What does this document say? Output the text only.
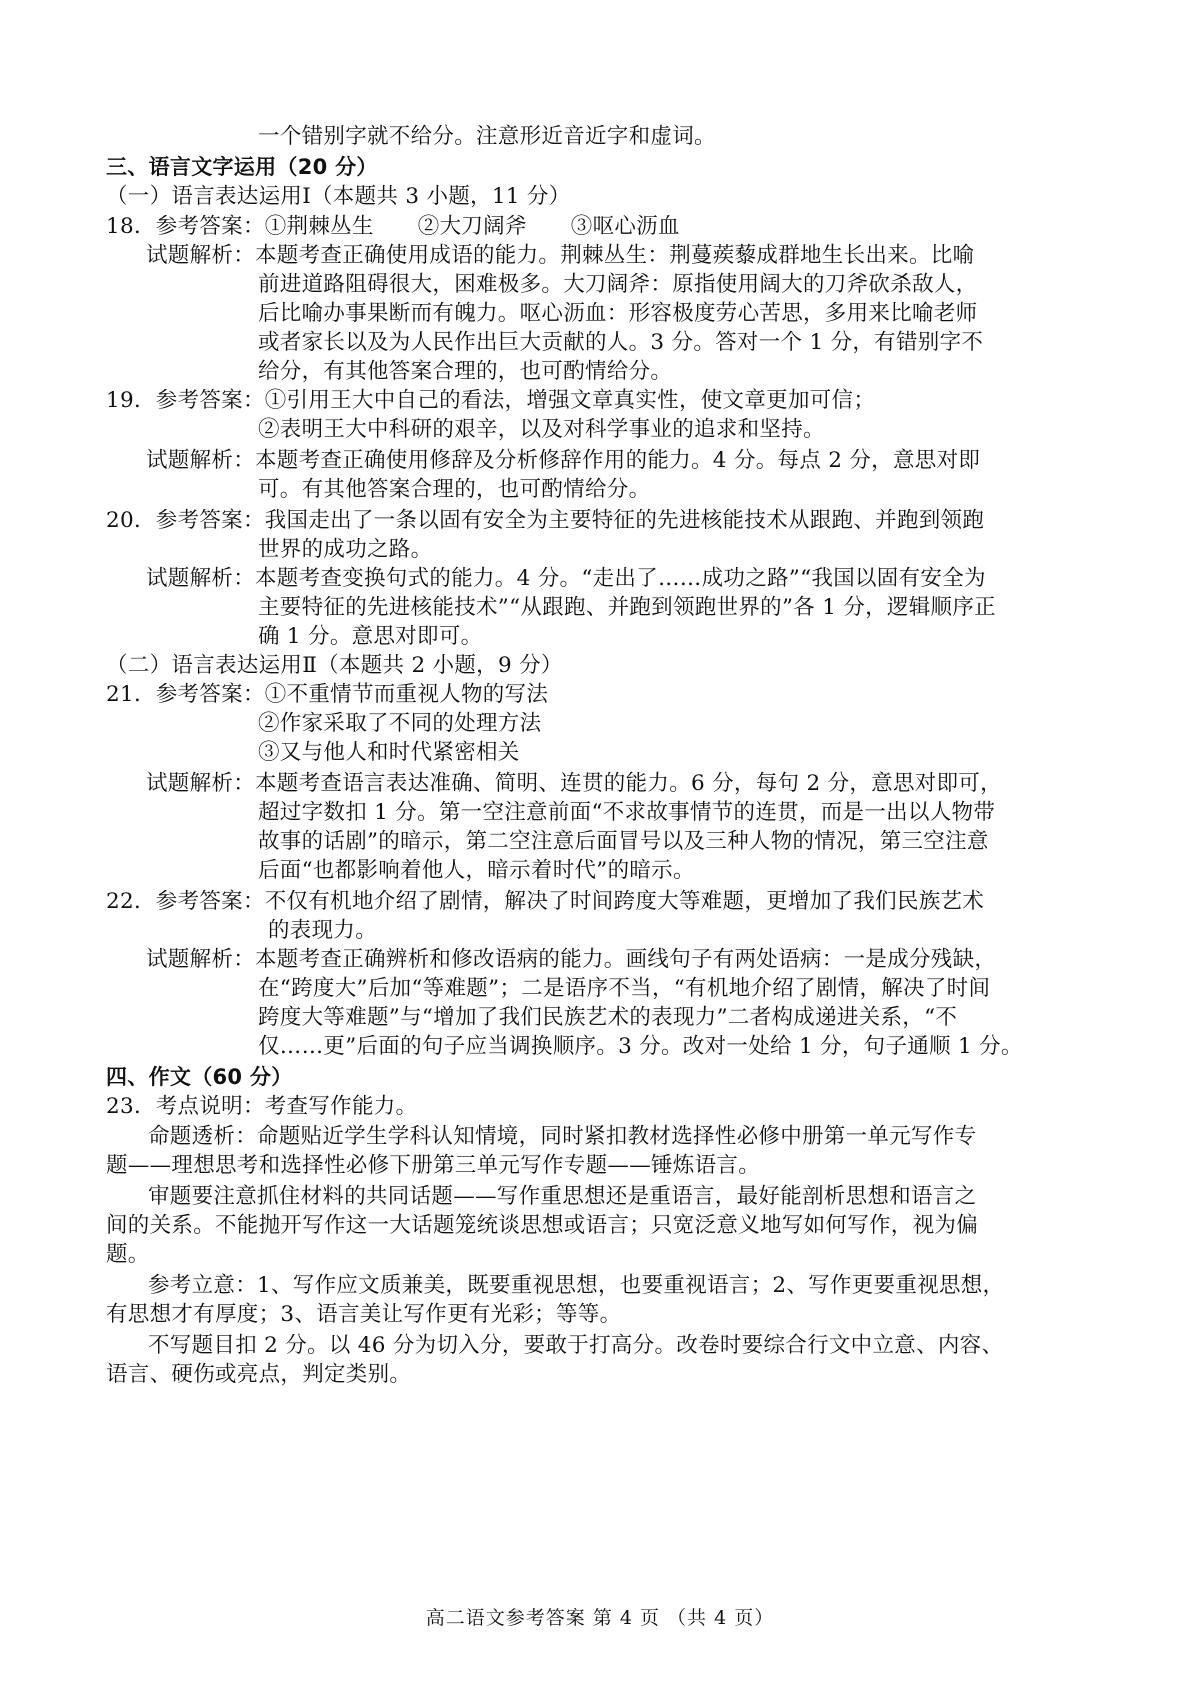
一个错别字就不给分。注意形近音近字和虚词。
三、语言文字运用（20 分）
（一）语言表达运用Ⅰ（本题共 3 小题，11 分）
18．参考答案：①荆棘丛生 ②大刀阔斧 ③呕心沥血
试题解析：本题考查正确使用成语的能力。荆棘丛生：荆蔓蒺藜成群地生长出来。比喻
前进道路阻碍很大，困难极多。大刀阔斧：原指使用阔大的刀斧砍杀敌人，
后比喻办事果断而有魄力。呕心沥血：形容极度劳心苦思，多用来比喻老师
或者家长以及为人民作出巨大贡献的人。3 分。答对一个 1 分，有错别字不
给分，有其他答案合理的，也可酌情给分。
19．参考答案：①引用王大中自己的看法，增强文章真实性，使文章更加可信；
②表明王大中科研的艰辛，以及对科学事业的追求和坚持。
试题解析：本题考查正确使用修辞及分析修辞作用的能力。4 分。每点 2 分，意思对即
可。有其他答案合理的，也可酌情给分。
20．参考答案：我国走出了一条以固有安全为主要特征的先进核能技术从跟跑、并跑到领跑
世界的成功之路。
试题解析：本题考查变换句式的能力。4 分。“走出了……成功之路”“我国以固有安全为
主要特征的先进核能技术”“从跟跑、并跑到领跑世界的”各 1 分，逻辑顺序正
确 1 分。意思对即可。
（二）语言表达运用Ⅱ（本题共 2 小题，9 分）
21．参考答案：①不重情节而重视人物的写法
②作家采取了不同的处理方法
③又与他人和时代紧密相关
试题解析：本题考查语言表达准确、简明、连贯的能力。6 分，每句 2 分，意思对即可，
超过字数扣 1 分。第一空注意前面“不求故事情节的连贯，而是一出以人物带
故事的话剧”的暗示，第二空注意后面冒号以及三种人物的情况，第三空注意
后面“也都影响着他人，暗示着时代”的暗示。
22．参考答案：不仅有机地介绍了剧情，解决了时间跨度大等难题，更增加了我们民族艺术
的表现力。
试题解析：本题考查正确辨析和修改语病的能力。画线句子有两处语病：一是成分残缺，
在“跨度大”后加“等难题”；二是语序不当，“有机地介绍了剧情，解决了时间
跨度大等难题”与“增加了我们民族艺术的表现力”二者构成递进关系，“不
仅……更”后面的句子应当调换顺序。3 分。改对一处给 1 分，句子通顺 1 分。
四、作文（60 分）
23．考点说明：考查写作能力。
命题透析：命题贴近学生学科认知情境，同时紧扣教材选择性必修中册第一单元写作专
题——理想思考和选择性必修下册第三单元写作专题——锤炼语言。
审题要注意抓住材料的共同话题——写作重思想还是重语言，最好能剖析思想和语言之
间的关系。不能抛开写作这一大话题笼统谈思想或语言；只宽泛意义地写如何写作，视为偏
题。
参考立意：1、写作应文质兼美，既要重视思想，也要重视语言；2、写作更要重视思想，
有思想才有厚度；3、语言美让写作更有光彩；等等。
不写题目扣 2 分。以 46 分为切入分，要敢于打高分。改卷时要综合行文中立意、内容、
语言、硬伤或亮点，判定类别。
高二语文参考答案 第 4 页 （共 4 页）
